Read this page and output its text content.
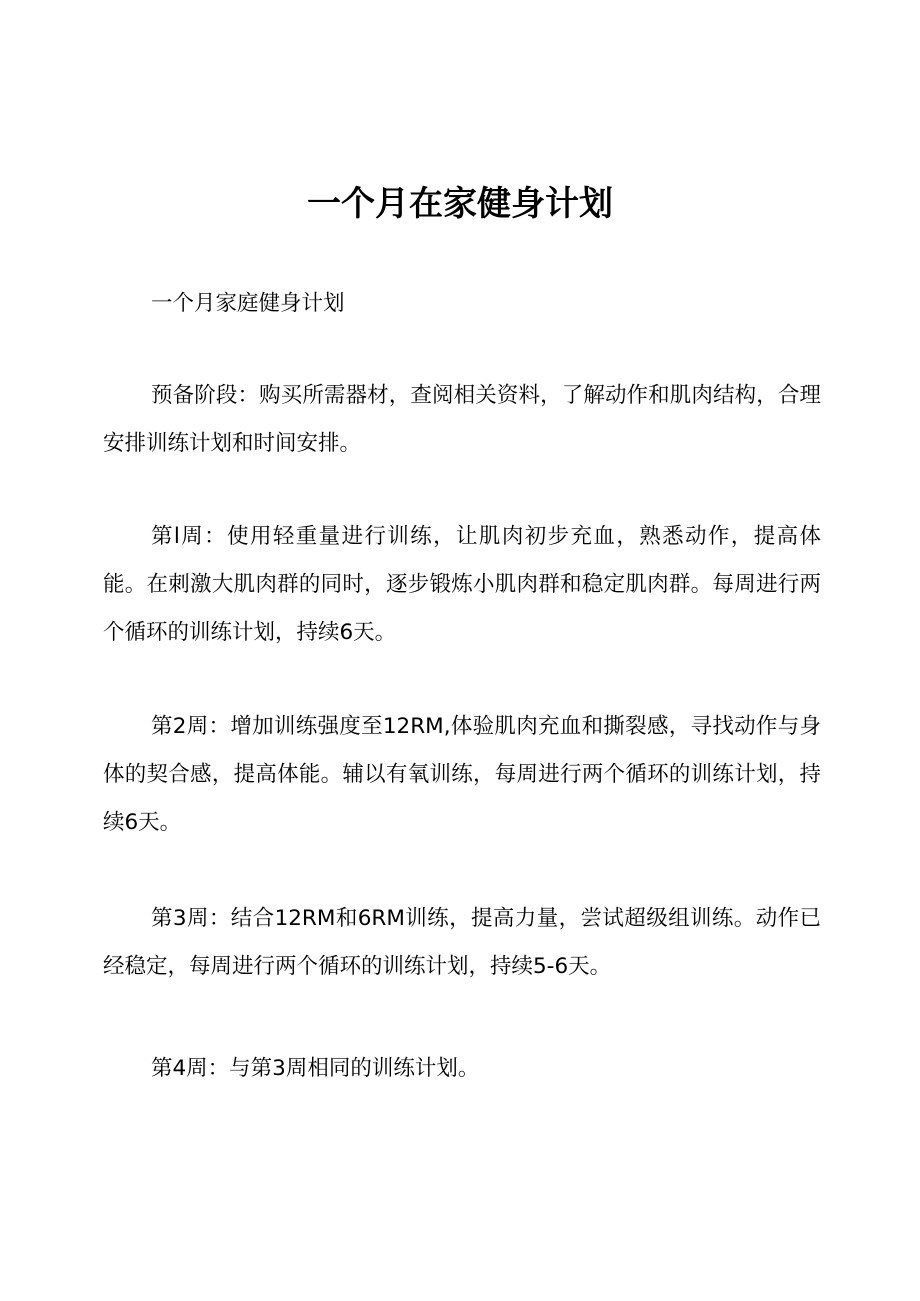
一个月在家健身计划

一个月家庭健身计划

预备阶段：购买所需器材，查阅相关资料，了解动作和肌肉结构，合理安排训练计划和时间安排。

第l周：使用轻重量进行训练，让肌肉初步充血，熟悉动作，提高体能。在刺激大肌肉群的同时，逐步锻炼小肌肉群和稳定肌肉群。每周进行两个循环的训练计划，持续6天。

第2周：增加训练强度至12RM,体验肌肉充血和撕裂感，寻找动作与身体的契合感，提高体能。辅以有氧训练，每周进行两个循环的训练计划，持续6天。

第3周：结合12RM和6RM训练，提高力量，尝试超级组训练。动作已经稳定，每周进行两个循环的训练计划，持续5-6天。

第4周：与第3周相同的训练计划。
